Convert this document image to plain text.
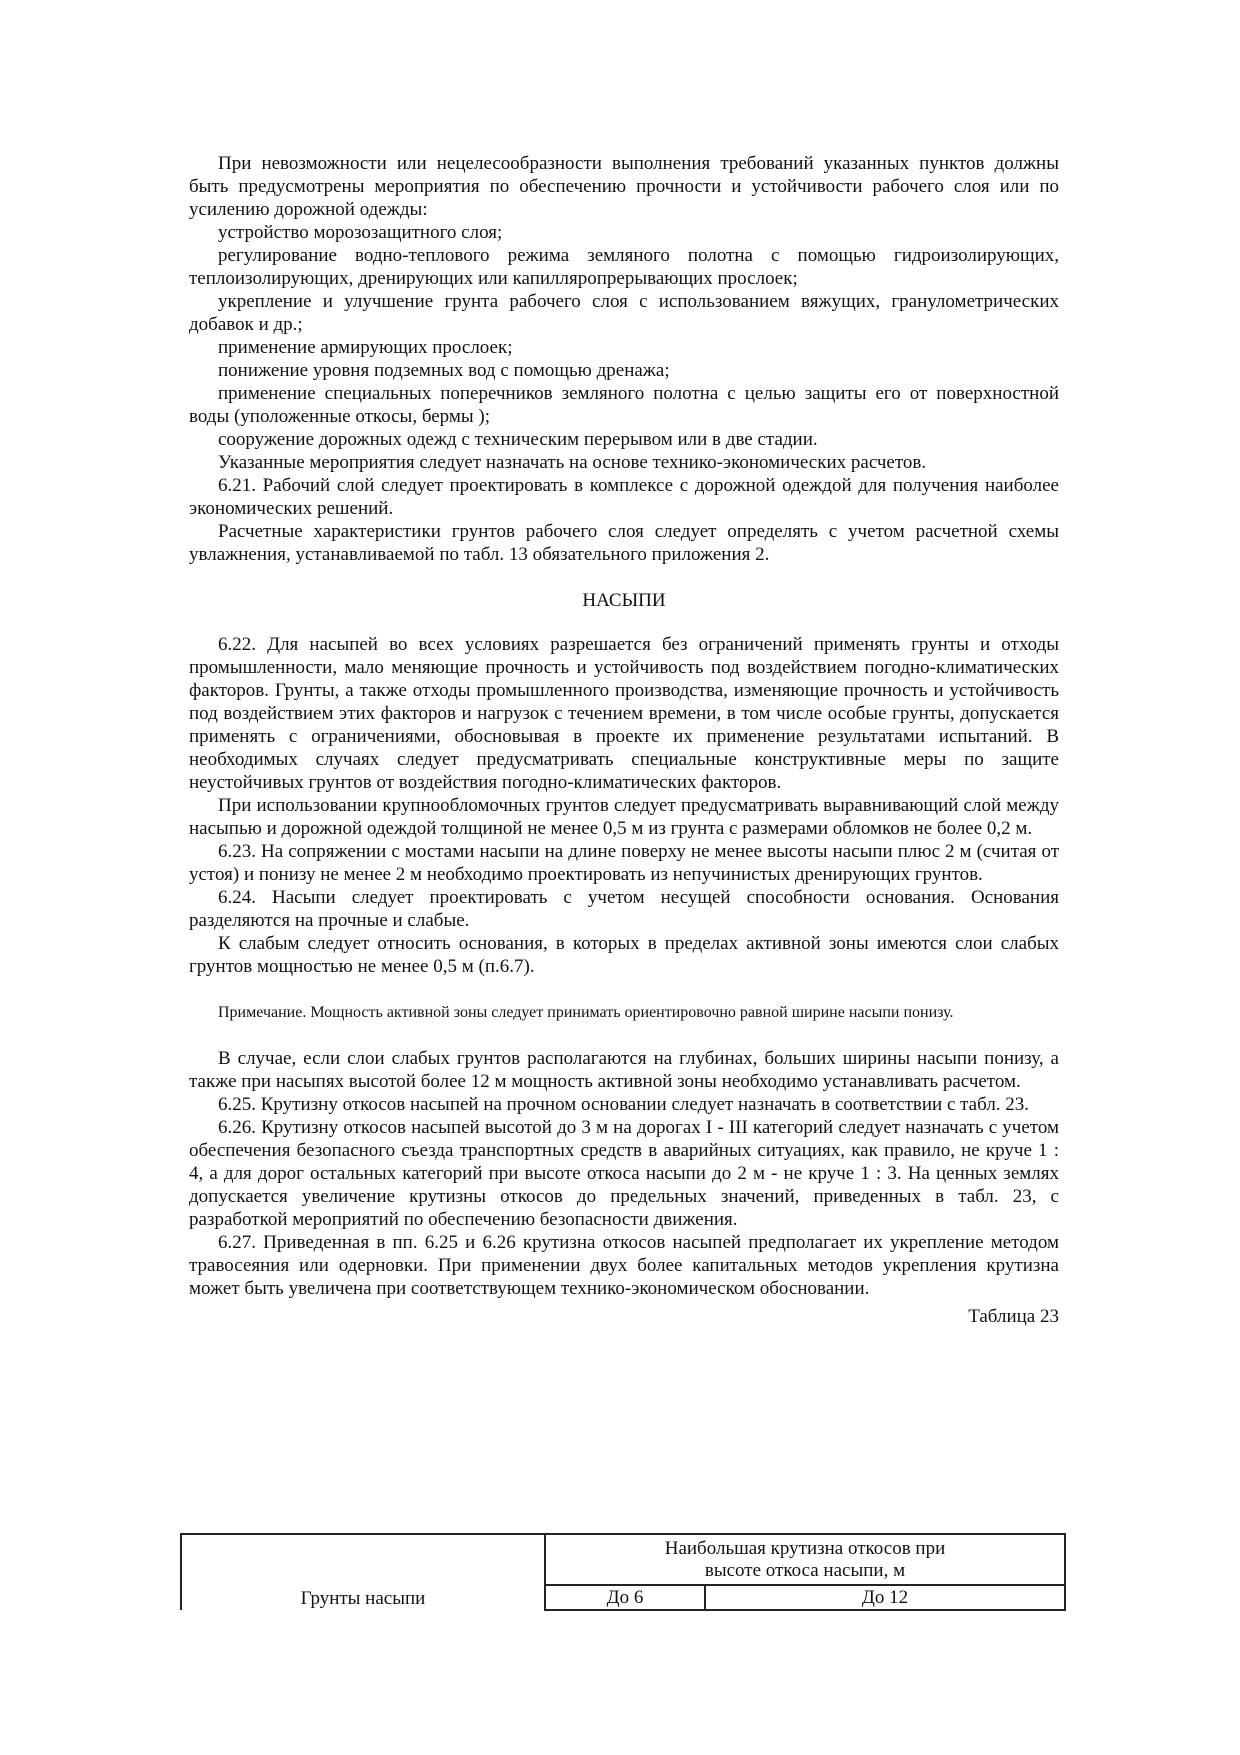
При невозможности или нецелесообразности выполнения требований указанных пунктов должны быть предусмотрены мероприятия по обеспечению прочности и устойчивости рабочего слоя или по усилению дорожной одежды:

устройство морозозащитного слоя;

регулирование водно-теплового режима земляного полотна с помощью гидроизолирующих, теплоизолирующих, дренирующих или капилляропрерывающих прослоек;

укрепление и улучшение грунта рабочего слоя с использованием вяжущих, гранулометрических добавок и др.;

применение армирующих прослоек;

понижение уровня подземных вод с помощью дренажа;

применение специальных поперечников земляного полотна с целью защиты его от поверхностной воды (уположенные откосы, бермы );

сооружение дорожных одежд с техническим перерывом или в две стадии.

Указанные мероприятия следует назначать на основе технико-экономических расчетов.

6.21. Рабочий слой следует проектировать в комплексе с дорожной одеждой для получения наиболее экономических решений.

Расчетные характеристики грунтов рабочего слоя следует определять с учетом расчетной схемы увлажнения, устанавливаемой по табл. 13 обязательного приложения 2.

НАСЫПИ

6.22. Для насыпей во всех условиях разрешается без ограничений применять грунты и отходы промышленности, мало меняющие прочность и устойчивость под воздействием погодно-климатических факторов. Грунты, а также отходы промышленного производства, изменяющие прочность и устойчивость под воздействием этих факторов и нагрузок с течением времени, в том числе особые грунты, допускается применять с ограничениями, обосновывая в проекте их применение результатами испытаний. В необходимых случаях следует предусматривать специальные конструктивные меры по защите неустойчивых грунтов от воздействия погодно-климатических факторов.

При использовании крупнообломочных грунтов следует предусматривать выравнивающий слой между насыпью и дорожной одеждой толщиной не менее 0,5 м из грунта с размерами обломков не более 0,2 м.

6.23. На сопряжении с мостами насыпи на длине поверху не менее высоты насыпи плюс 2 м (считая от устоя) и понизу не менее 2 м необходимо проектировать из непучинистых дренирующих грунтов.

6.24. Насыпи следует проектировать с учетом несущей способности основания. Основания разделяются на прочные и слабые.

К слабым следует относить основания, в которых в пределах активной зоны имеются слои слабых грунтов мощностью не менее 0,5 м (п.6.7).

Примечание. Мощность активной зоны следует принимать ориентировочно равной ширине насыпи понизу.

В случае, если слои слабых грунтов располагаются на глубинах, больших ширины насыпи понизу, а также при насыпях высотой более 12 м мощность активной зоны необходимо устанавливать расчетом.

6.25. Крутизну откосов насыпей на прочном основании следует назначать в соответствии с табл. 23.

6.26. Крутизну откосов насыпей высотой до 3 м на дорогах I - III категорий следует назначать с учетом обеспечения безопасного съезда транспортных средств в аварийных ситуациях, как правило, не круче 1 : 4, а для дорог остальных категорий при высоте откоса насыпи до 2 м - не круче 1 : 3. На ценных землях допускается увеличение крутизны откосов до предельных значений, приведенных в табл. 23, с разработкой мероприятий по обеспечению безопасности движения.

6.27. Приведенная в пп. 6.25 и 6.26 крутизна откосов насыпей предполагает их укрепление методом травосеяния или одерновки. При применении двух более капитальных методов укрепления крутизна может быть увеличена при соответствующем технико-экономическом обосновании.

Таблица 23
Грунты насыпи	Наибольшая крутизна откосов при
высоте откоса насыпи, м	

	До 6	До 12
